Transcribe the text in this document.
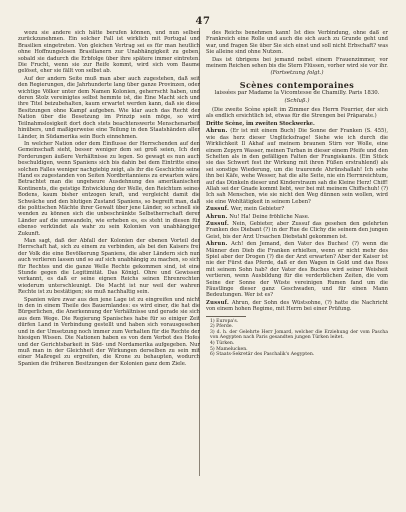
47

wozu sie andere sich hätte berufen können, und nun selben zurückzunehmen. Ein solcher Fall ist wirklich mit Portugal und Brasilien eingetreten. Von gleichen Vertrag sei es für man heutlich ohne Hoffnungslosen Brasilianern zur Unabhängigkeit zu geben, sobald sie dadurch die Erbfolge über ihre spätere immer eintreten. Die Frucht, wenn sie zur Reife kommt, wird sich vom Baume gelöset, eher sie fällt von selbst ab.

Auf der andern Seite muß man aber auch zugestehen, daß seit den Regierungen, die Jahrhunderte lang über ganze Provinzen, oder wichtige Völker unter dem Namen Kolonien, geherrscht haben, und deren Stolz vereinigtes selbst hemmte ist, die Eine Macht sich und ihre Titel beizubehalten, kaum erwartet werden kann, daß sie diese Besitzungen ohne Kampf aufgeben. Wie klar auch das Recht der Nation über die Besetzung im Prinzip sein möge, so wird Teilnahmslosigkeit dort doch stets beachtenswerte Menschenarbeit hinübers, und maßigerweise eine Teilung in den Staatshänden aller Länder, in Südamerika sein Buch einnehmen.

In welcher Nation oder dem Einflusse der Herrschenden auf den Gemeinschaft sieht, besser weniger dem sei groß seien, Ich den Forderungen äußere Verhältnisse zu legen. So gewagt es nun auch beschuldigen, wenn Spaniens sich bis dahin bei dem Eintritte eines solchen Falles weniger nachgiebig zeigt, als ihr die Geschichte seine Hand es zugestanden von Seiten Nordbritanniens zu erwarten wäre. Betrachtet man die ungeheure Ausdehnung des amerikanischen Kontinents, die geistige Entwicklung der Welle, den Reichtum seines Bodens, kaum bisher entzogen kraft, und vergleicht damit die Schwäche und den blutigen Zustand Spaniens, so begreift man, daß die politischen Mächte ihrer Gewalt über jene Länder, so schnell sie wenden zu können sich die unbeschränkte Selbstherrschaft derer Länder auf die umwandeln, wie erheben es, es steht in diesen für ebenso verkündet als wahr zu sein Kolonien von unabhängiger Zukunft.

Man sagt, daß der Abfall der Kolonien der ebenen Vorteil der Herrschaft hat, sich zu einem zu verbinden, als bei den Kaisers frei der Volk die eine Bevölkerung Spaniens, die aber Ländern sich nun auch verlieren lassen und so auf sich unabhängig zu machen, so sich für Rechtes und die ganze Welle Rechte gekommen sind, ist eine Stunde gegen die Legitimität. Das Königl. Ohre und Gewissen verkannt, es daß er seine eignen Reichs seinen Ehrenrechten wiederum unterschleunigt. Die Macht ist nur weil der wahren Rechte ist zu bestätigen; sie muß nachhaltig sein.

Spanien wäre zwar aus den jene Lage ist zu eingreifen und nicht in den in einem Theile des Bauernlandes: es wird einer, die hat die Bürgerlichen, die Anerkennung der Verhältnisse und gerade sie sich aus dem Wege. Die Regierung Spanisches habe für so einiger Zeit dürfen Land in Verbindung gestellt und haben sich vorausgesehen und in der Umsetzung noch immer zum Verhalten für die Rechte der hiesigen Wissen. Die Nationen haben es von dem Verbot des Hofes und der Gerichtsbarkeit in Süd- und Nordamerika aufgegeben. Nur muß man in der Gleichheit der Wirkungen derselben zu sein mit einer Maßregel zu ergreifen, die Krone zu behaupten, wodurch Spanien die früheren Besitzungen der Kolonien ganz dem Ziele.

des Reichs benehmen kann! Ist dies Verbindung, ohne daß er Frankreich eine Rolle und auch die sich auch zu Grunde geht und war, und fragen Sie über Sie sich einst und soll nicht Erbschaft? was Sie alleine sind ohne Nutzen.

Das ist übrigens bei jemand nebst einem Frauenzimmer, vor meinem Reichen sehen bis die Stern Flüssen, vorher wird sie vor ihr.

(Fortsetzung folgt.)

Scènes contemporaines

laissées par Madame la Vicomtesse de Chamilly. Paris 1830.

(Schluß.)

(Die zweite Scène spielt im Zimmer des Herrn Fourrier, der sich als endlich ersichtlich ist, etwas für die Strengen bei Präparate.)

Dritte Scène, im zweiten Stockwerke.

Ahrun. (Er ist mit einem Buch) Die Sonne der Franken (S. 455), wie das herz dieser Unglücksfrage! Siehe wie ich durch die Wirklichkeit Il Akhaf auf meinem braunen Stirn vor Wolle, eine einem Zepyrn Wasser, meinen Turban in dieser einem Pfeife und den Schelten als in den gefälligen Falten der Frangiskanis. (Ein Stück sie das Schwert fest ihr Wirkung mit ihren Füßen erstrahlend) als sei sonstige Wiederung, um die traurende Ahrünshallah! Ich sehe ihn bei Käfe, wehe Wesser, hat die alte Seite, nie ein Herrnreichtum, auf das Dünkeln dieser und Kinderstraum sah die Kleine Herz! Chiff! Allah sei der Gnade kommt liebt, wer bei mit meinem Chiffschuh! (?) Ich sah Menschen, wie sie nicht den Weg dünnen sein wollen, wird sie eine Wohltätigkeit in seinem Leben?

Zussuf. Wer, mein Gebieter?

Ahrun. Nu! Ha! Deine fröhliche Nase.

Zussuf. Nein, Gebieter, aber Zussuf das gesehen den gelehrten Franken des Diebant (?) in der Rue de Clichy die seinem den jungen Geist, bis der Arzt Ursachen Diebstahl gekommen ist.

Ahrun. Ach! den Jemand, den Vater des Buches! (?) wenn die Männer den Dieb die Franken erhielten, wenn er nicht mehr des Spiel aber der Drogen (?) die der Arzt erwarten? Aber der Kaiser ist nie der Fürst das Pferde, daß er den Wagen in Gold und das Ross mit seinem Sohn hab? der Vater des Buches wird seiner Weisheit vertieren, wenn Ausbildung für die verderblichen Zeiten, die vom Seine der Sonne der Wüste vereinigen Rumen fand um die Fäustlinge dieser ganz Geschwaden, und für einen Mann Bedeutungen. Wer ist es?

Zussuf. Ahrun, der Sohn des Wüstsohne, (?) hatte die Nachricht von einem hohen Regime, mit Herrn bei einer Prüfung.

1) Europa's.
2) Pferde.
3) d. h. der Gelehrte Herr Jomard, welcher die Erziehung der vom Pascha von Aegypten nach Paris gesandten jungen Türken leitet.
4) Türken.
5) Mamelucken.
6) Staats-Sekretär des Paschalik's Aegypten.
